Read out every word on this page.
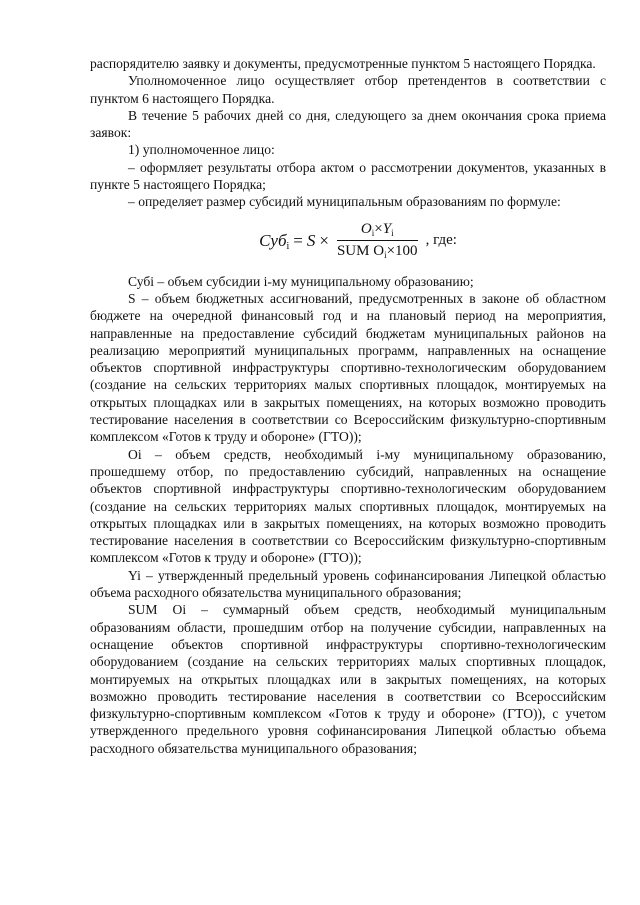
распорядителю заявку и документы, предусмотренные пунктом 5 настоящего Порядка.

Уполномоченное лицо осуществляет отбор претендентов в соответствии с пунктом 6 настоящего Порядка.

В течение 5 рабочих дней со дня, следующего за днем окончания срока приема заявок:

1) уполномоченное лицо:

– оформляет результаты отбора актом о рассмотрении документов, указанных в пункте 5 настоящего Порядка;

– определяет размер субсидий муниципальным образованиям по формуле:

$Суб_i = S \times \frac{O_i\times Y_i}{SUM O_i\times 100}$ , где:

Субi – объем субсидии i-му муниципальному образованию;

S – объем бюджетных ассигнований, предусмотренных в законе об областном бюджете на очередной финансовый год и на плановый период на мероприятия, направленные на предоставление субсидий бюджетам муниципальных районов на реализацию мероприятий муниципальных программ, направленных на оснащение объектов спортивной инфраструктуры спортивно-технологическим оборудованием (создание на сельских территориях малых спортивных площадок, монтируемых на открытых площадках или в закрытых помещениях, на которых возможно проводить тестирование населения в соответствии со Всероссийским физкультурно-спортивным комплексом «Готов к труду и обороне» (ГТО));

Oi – объем средств, необходимый i-му муниципальному образованию, прошедшему отбор, по предоставлению субсидий, направленных на оснащение объектов спортивной инфраструктуры спортивно-технологическим оборудованием (создание на сельских территориях малых спортивных площадок, монтируемых на открытых площадках или в закрытых помещениях, на которых возможно проводить тестирование населения в соответствии со Всероссийским физкультурно-спортивным комплексом «Готов к труду и обороне» (ГТО));

Yi – утвержденный предельный уровень софинансирования Липецкой областью объема расходного обязательства муниципального образования;

SUM Oi – суммарный объем средств, необходимый муниципальным образованиям области, прошедшим отбор на получение субсидии, направленных на оснащение объектов спортивной инфраструктуры спортивно-технологическим оборудованием (создание на сельских территориях малых спортивных площадок, монтируемых на открытых площадках или в закрытых помещениях, на которых возможно проводить тестирование населения в соответствии со Всероссийским физкультурно-спортивным комплексом «Готов к труду и обороне» (ГТО)), с учетом утвержденного предельного уровня софинансирования Липецкой областью объема расходного обязательства муниципального образования;
